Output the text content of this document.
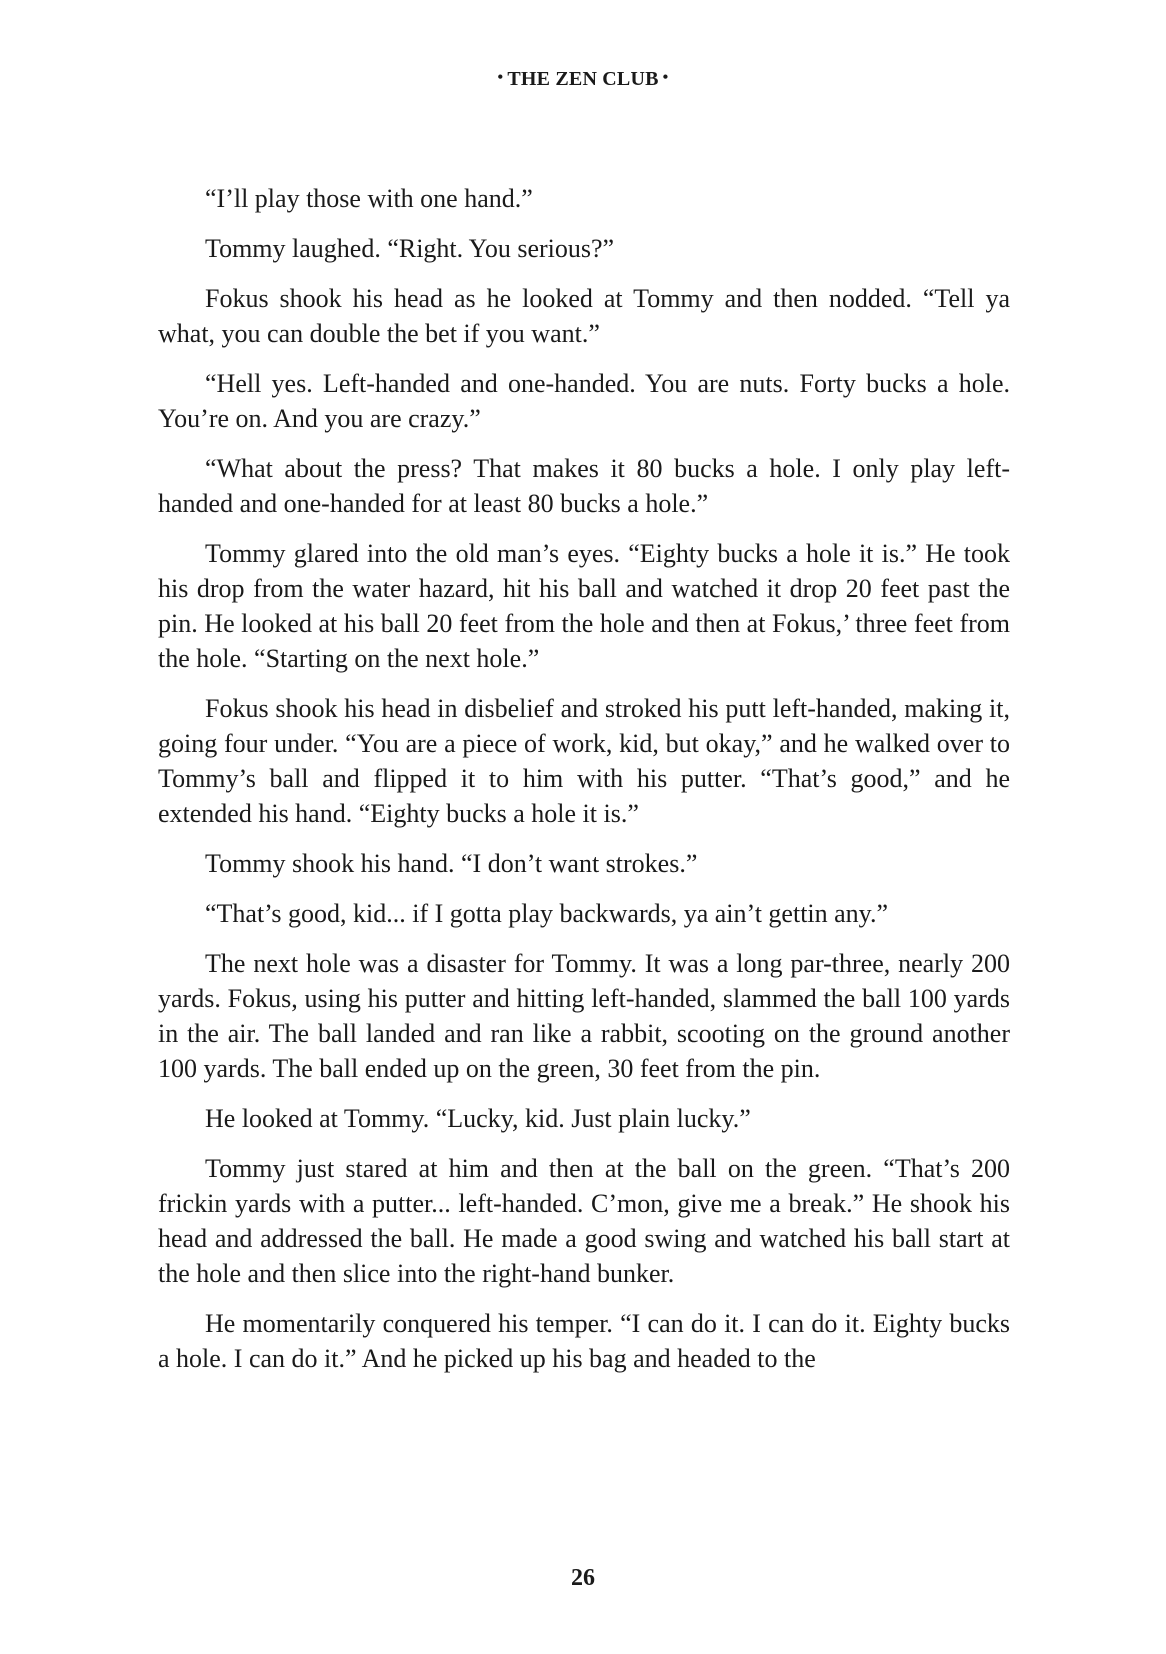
• THE ZEN CLUB •

“I’ll play those with one hand.”

Tommy laughed. “Right. You serious?”

Fokus shook his head as he looked at Tommy and then nodded. “Tell ya what, you can double the bet if you want.”

“Hell yes. Left-handed and one-handed. You are nuts. Forty bucks a hole. You’re on. And you are crazy.”

“What about the press? That makes it 80 bucks a hole. I only play left-handed and one-handed for at least 80 bucks a hole.”

Tommy glared into the old man’s eyes. “Eighty bucks a hole it is.” He took his drop from the water hazard, hit his ball and watched it drop 20 feet past the pin. He looked at his ball 20 feet from the hole and then at Fokus,’ three feet from the hole. “Starting on the next hole.”

Fokus shook his head in disbelief and stroked his putt left-handed, making it, going four under. “You are a piece of work, kid, but okay,” and he walked over to Tommy’s ball and flipped it to him with his putter. “That’s good,” and he extended his hand. “Eighty bucks a hole it is.”

Tommy shook his hand. “I don’t want strokes.”

“That’s good, kid... if I gotta play backwards, ya ain’t gettin any.”

The next hole was a disaster for Tommy. It was a long par-three, nearly 200 yards. Fokus, using his putter and hitting left-handed, slammed the ball 100 yards in the air. The ball landed and ran like a rabbit, scooting on the ground another 100 yards. The ball ended up on the green, 30 feet from the pin.

He looked at Tommy. “Lucky, kid. Just plain lucky.”

Tommy just stared at him and then at the ball on the green. “That’s 200 frickin yards with a putter... left-handed. C’mon, give me a break.” He shook his head and addressed the ball. He made a good swing and watched his ball start at the hole and then slice into the right-hand bunker.

He momentarily conquered his temper. “I can do it. I can do it. Eighty bucks a hole. I can do it.” And he picked up his bag and headed to the

26
